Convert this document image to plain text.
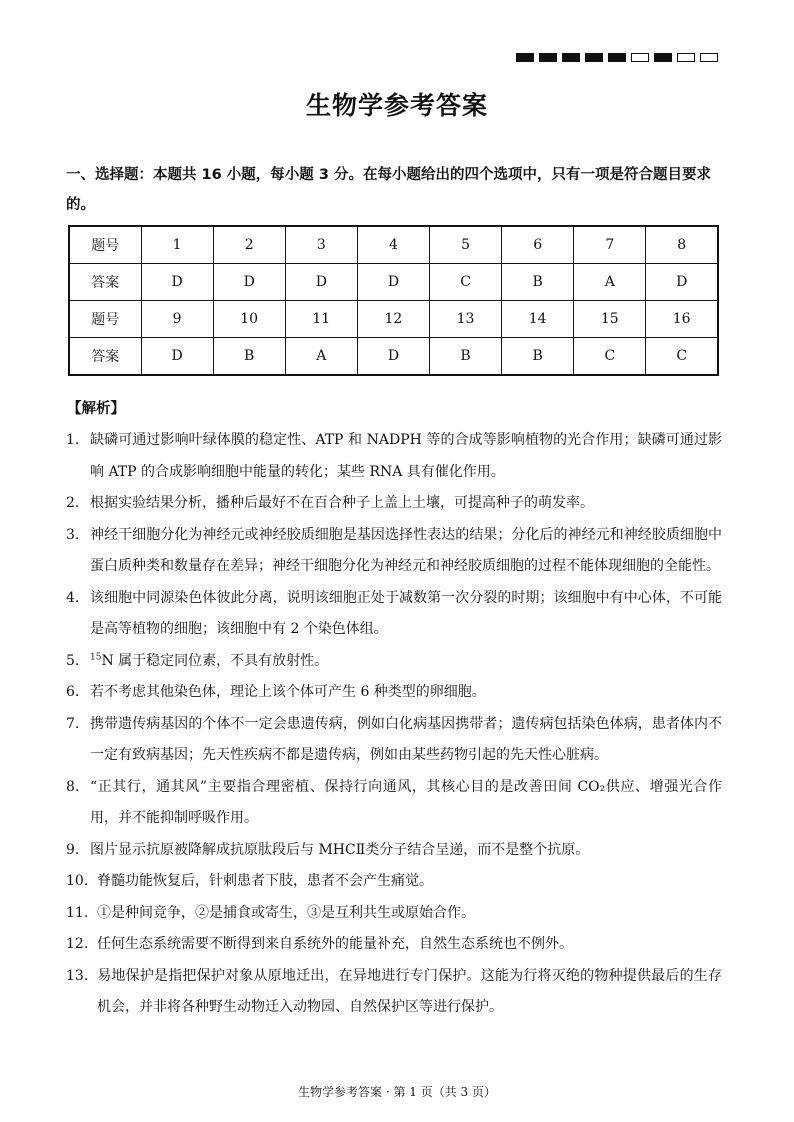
生物学参考答案
一、选择题：本题共 16 小题，每小题 3 分。在每小题给出的四个选项中，只有一项是符合题目要求的。
题号	1	2	3	4	5	6	7	8
答案	D	D	D	D	C	B	A	D
题号	9	10	11	12	13	14	15	16
答案	D	B	A	D	B	B	C	C
【解析】
1. 缺磷可通过影响叶绿体膜的稳定性、ATP 和 NADPH 等的合成等影响植物的光合作用；缺磷可通过影响 ATP 的合成影响细胞中能量的转化；某些 RNA 具有催化作用。
2. 根据实验结果分析，播种后最好不在百合种子上盖上土壤，可提高种子的萌发率。
3. 神经干细胞分化为神经元或神经胶质细胞是基因选择性表达的结果；分化后的神经元和神经胶质细胞中蛋白质种类和数量存在差异；神经干细胞分化为神经元和神经胶质细胞的过程不能体现细胞的全能性。
4. 该细胞中同源染色体彼此分离，说明该细胞正处于减数第一次分裂的时期；该细胞中有中心体，不可能是高等植物的细胞；该细胞中有 2 个染色体组。
5. $^{15}$N 属于稳定同位素，不具有放射性。
6. 若不考虑其他染色体，理论上该个体可产生 6 种类型的卵细胞。
7. 携带遗传病基因的个体不一定会患遗传病，例如白化病基因携带者；遗传病包括染色体病，患者体内不一定有致病基因；先天性疾病不都是遗传病，例如由某些药物引起的先天性心脏病。
8. “正其行，通其风”主要指合理密植、保持行向通风，其核心目的是改善田间 CO₂供应、增强光合作用，并不能抑制呼吸作用。
9. 图片显示抗原被降解成抗原肽段后与 MHCⅡ类分子结合呈递，而不是整个抗原。
10. 脊髓功能恢复后，针刺患者下肢，患者不会产生痛觉。
11. ①是种间竞争，②是捕食或寄生，③是互利共生或原始合作。
12. 任何生态系统需要不断得到来自系统外的能量补充，自然生态系统也不例外。
13. 易地保护是指把保护对象从原地迁出，在异地进行专门保护。这能为行将灭绝的物种提供最后的生存机会，并非将各种野生动物迁入动物园、自然保护区等进行保护。
生物学参考答案 · 第 1 页（共 3 页）
